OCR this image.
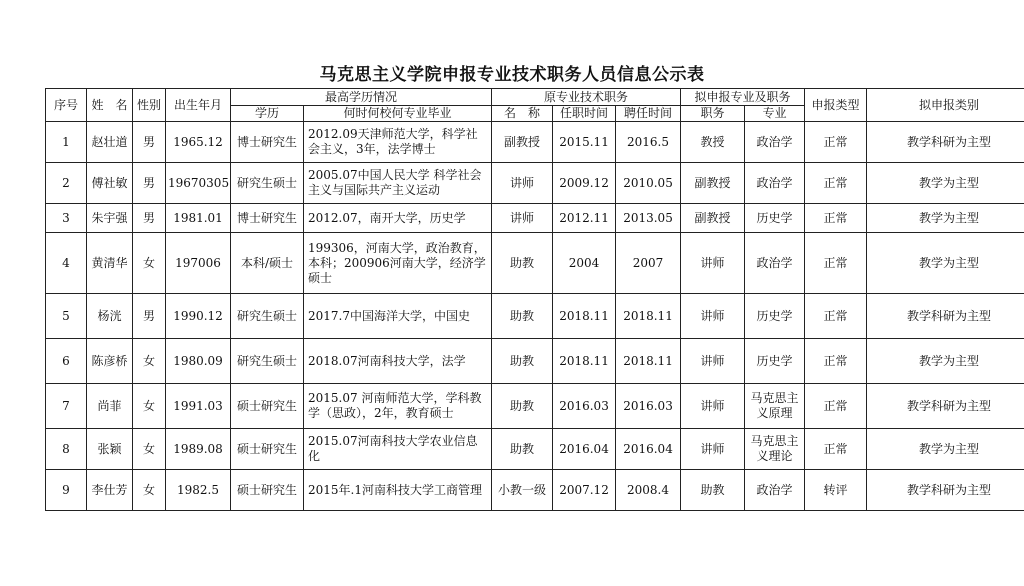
马克思主义学院申报专业技术职务人员信息公示表
序号	姓　名	性别	出生年月	最高学历情况		原专业技术职务			拟申报专业及职务		申报类型	拟申报类别
				学历	何时何校何专业毕业	名　称	任职时间	聘任时间	职务	专业		
1	赵壮道	男	1965.12	博士研究生	2012.09天津师范大学，科学社会主义，3年，法学博士	副教授	2015.11	2016.5	教授	政治学	正常	教学科研为主型
2	傅社敏	男	19670305	研究生硕士	2005.07中国人民大学 科学社会主义与国际共产主义运动	讲师	2009.12	2010.05	副教授	政治学	正常	教学为主型
3	朱宇强	男	1981.01	博士研究生	2012.07，南开大学，历史学	讲师	2012.11	2013.05	副教授	历史学	正常	教学为主型
4	黄清华	女	197006	本科/硕士	199306，河南大学，政治教育，本科；200906河南大学，经济学硕士	助教	2004	2007	讲师	政治学	正常	教学为主型
5	杨洸	男	1990.12	研究生硕士	2017.7中国海洋大学，中国史	助教	2018.11	2018.11	讲师	历史学	正常	教学科研为主型
6	陈彦桥	女	1980.09	研究生硕士	2018.07河南科技大学，法学	助教	2018.11	2018.11	讲师	历史学	正常	教学为主型
7	尚菲	女	1991.03	硕士研究生	2015.07 河南师范大学，学科教学（思政），2年，教育硕士	助教	2016.03	2016.03	讲师	马克思主义原理	正常	教学科研为主型
8	张颖	女	1989.08	硕士研究生	2015.07河南科技大学农业信息化	助教	2016.04	2016.04	讲师	马克思主义理论	正常	教学为主型
9	李仕芳	女	1982.5	硕士研究生	2015年.1河南科技大学工商管理	小教一级	2007.12	2008.4	助教	政治学	转评	教学科研为主型
